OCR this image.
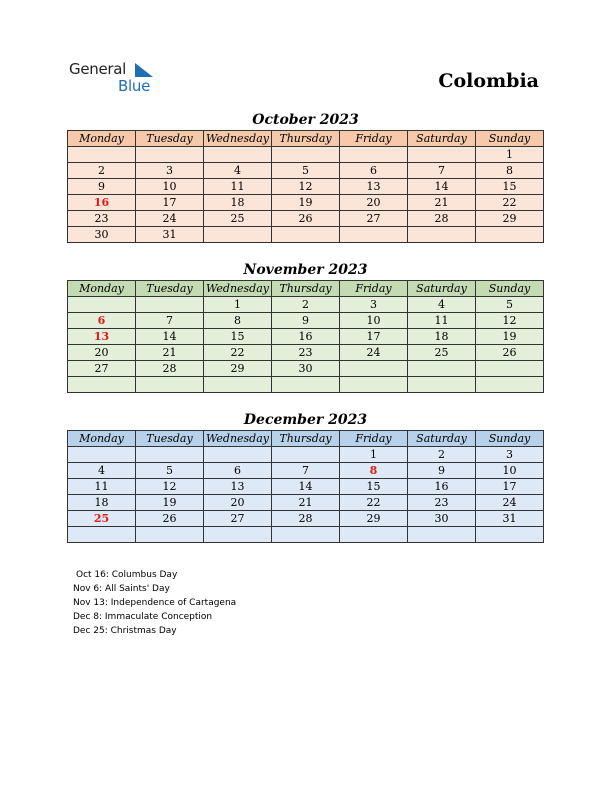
General
Blue	Colombia
October 2023
Monday	Tuesday	Wednesday	Thursday	Friday	Saturday	Sunday
						1
2	3	4	5	6	7	8
9	10	11	12	13	14	15
16	17	18	19	20	21	22
23	24	25	26	27	28	29
30	31					
November 2023
Monday	Tuesday	Wednesday	Thursday	Friday	Saturday	Sunday
		1	2	3	4	5
6	7	8	9	10	11	12
13	14	15	16	17	18	19
20	21	22	23	24	25	26
27	28	29	30			

December 2023
Monday	Tuesday	Wednesday	Thursday	Friday	Saturday	Sunday
				1	2	3
4	5	6	7	8	9	10
11	12	13	14	15	16	17
18	19	20	21	22	23	24
25	26	27	28	29	30	31

Oct 16: Columbus Day
Nov 6: All Saints' Day
Nov 13: Independence of Cartagena
Dec 8: Immaculate Conception
Dec 25: Christmas Day
